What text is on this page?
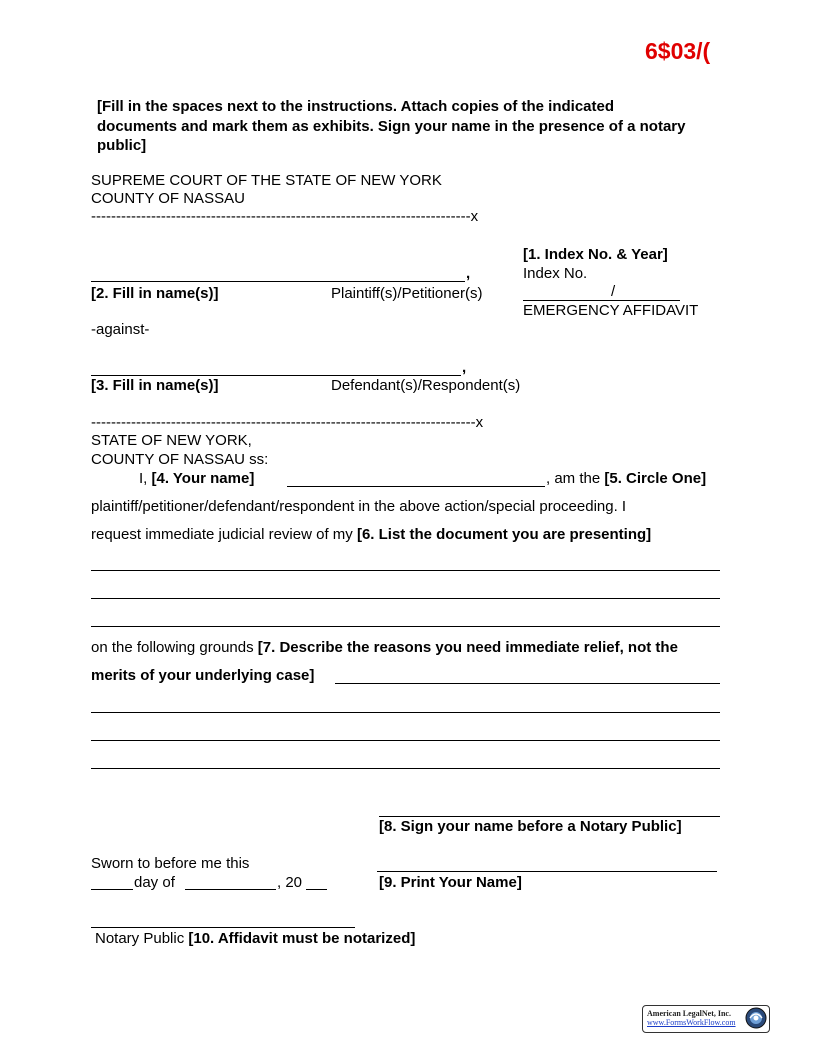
6$03/(
[Fill in the spaces next to the instructions. Attach copies of the indicated documents and mark them as exhibits. Sign your name in the presence of a notary public]
SUPREME COURT OF THE STATE OF NEW YORK
COUNTY OF NASSAU
----------------------------------------------------------------------------x
[1. Index No. & Year]
Index No.
/
EMERGENCY AFFIDAVIT
,
[2. Fill in name(s)]	Plaintiff(s)/Petitioner(s)
-against-
,
[3. Fill in name(s)]	Defendant(s)/Respondent(s)
-----------------------------------------------------------------------------x
STATE OF NEW YORK,
COUNTY OF NASSAU ss:
I, [4. Your name]	, am the [5. Circle One]
plaintiff/petitioner/defendant/respondent in the above action/special proceeding. I
request immediate judicial review of my [6. List the document you are presenting]
on the following grounds [7. Describe the reasons you need immediate relief, not the
merits of your underlying case]
[8. Sign your name before a Notary Public]
Sworn to before me this
day of	, 20	[9. Print Your Name]
Notary Public [10. Affidavit must be notarized]
American LegalNet, Inc.
www.FormsWorkFlow.com
